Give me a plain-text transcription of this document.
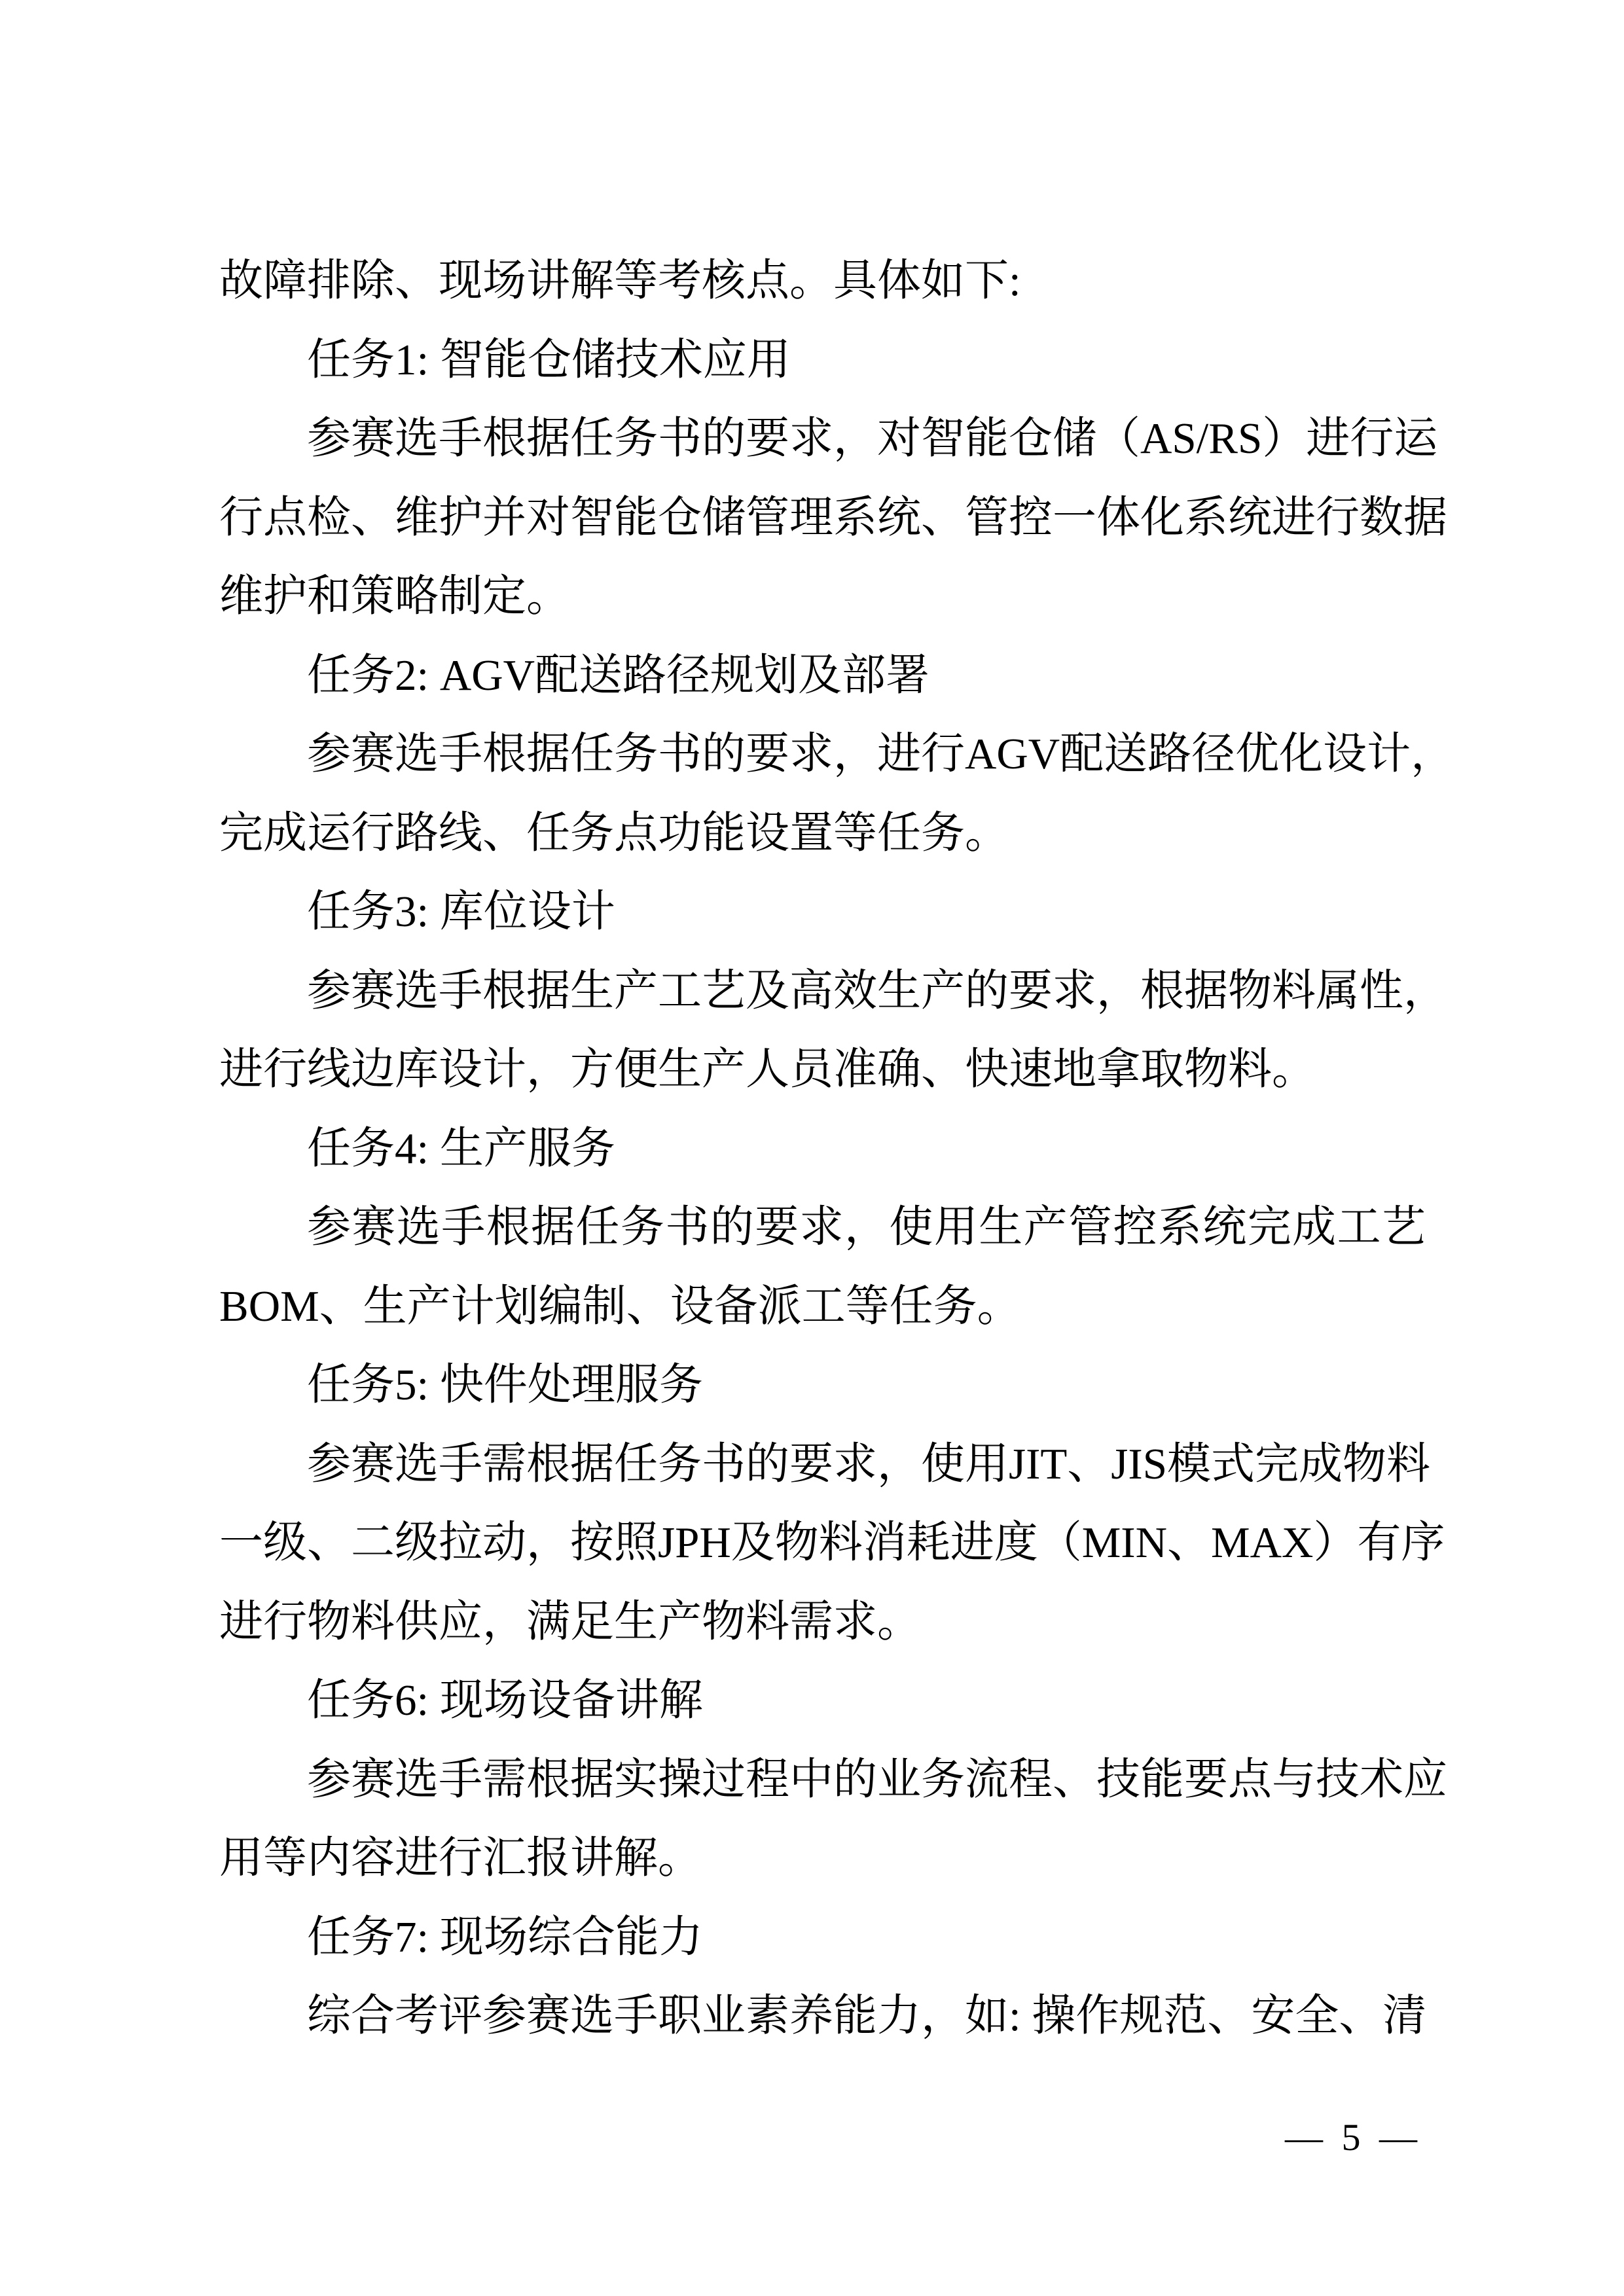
故障排除、现场讲解等考核点。具体如下:

任务1: 智能仓储技术应用

参赛选手根据任务书的要求，对智能仓储（AS/RS）进行运
行点检、维护并对智能仓储管理系统、管控一体化系统进行数据
维护和策略制定。

任务2: AGV配送路径规划及部署

参赛选手根据任务书的要求，进行AGV配送路径优化设计，
完成运行路线、任务点功能设置等任务。

任务3: 库位设计

参赛选手根据生产工艺及高效生产的要求，根据物料属性，
进行线边库设计，方便生产人员准确、快速地拿取物料。

任务4: 生产服务

参赛选手根据任务书的要求，使用生产管控系统完成工艺
BOM、生产计划编制、设备派工等任务。

任务5: 快件处理服务

参赛选手需根据任务书的要求，使用JIT、JIS模式完成物料
一级、二级拉动，按照JPH及物料消耗进度（MIN、MAX）有序
进行物料供应，满足生产物料需求。

任务6: 现场设备讲解

参赛选手需根据实操过程中的业务流程、技能要点与技术应
用等内容进行汇报讲解。

任务7: 现场综合能力

综合考评参赛选手职业素养能力，如: 操作规范、安全、清

— 5 —
